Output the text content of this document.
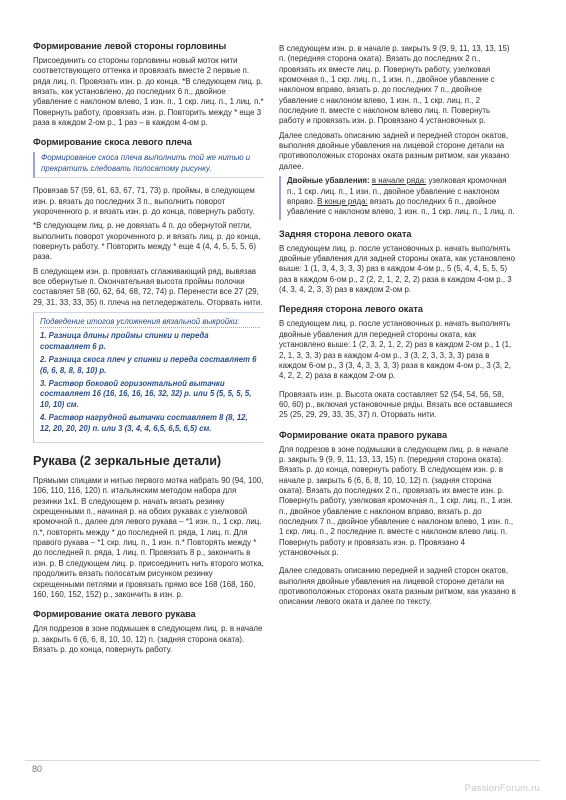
Формирование левой стороны горловины
Присоединить со стороны горловины новый моток нити соответствующего оттенка и провязать вместе 2 первые п. ряда лиц. п. Провязать изн. р. до конца. *В следующем лиц. р. вязать, как установлено, до последних 6 п., двойное убавление с наклоном влево, 1 изн. п., 1 скр. лиц. п., 1 лиц. п.* Повернуть работу, провязать изн. р. Повторить между * еще 3 раза в каждом 2-ом р., 1 раз – в каждом 4-ом р.
Формирование скоса левого плеча
Формирование скоса плеча выполнить той же нитью и прекратить следовать полосатому рисунку.
Провязав 57 (59, 61, 63, 67, 71, 73) р. проймы, в следующем изн. р. вязать до последних 3 п., выполнить поворот укороченного р. и вязать изн. р. до конца, повернуть работу.
*В следующем лиц. р. не довязать 4 п. до обернутой петли, выполнить поворот укороченного р. и вязать лиц. р. до конца, повернуть работу. * Повторить между * еще 4 (4, 4, 5, 5, 5, 6) раза.
В следующем изн. р. провязать сглаживающий ряд, вывязав все обернутые п. Окончательная высота проймы полочки составляет 58 (60, 62, 64, 68, 72, 74) р. Перенести все 27 (29, 29, 31, 33, 33, 35) п. плеча на петледержатель. Оторвать нити.
Подведение итогов усложнения вязальной выкройки:
1. Разница длины проймы спинки и переда составляет 6 р.
2. Разница скоса плеч у спинки и переда составляет 6 (6, 6, 8, 8, 8, 10) р.
3. Раствор боковой горизонтальной вытачки составляет 16 (16, 16, 16, 16, 32, 32) р. или 5 (5, 5, 5, 5, 10, 10) см.
4. Раствор нагрудной вытачки составляет 8 (8, 12, 12, 20, 20, 20) п. или 3 (3, 4, 4, 6,5, 6,5, 6,5) см.
Рукава (2 зеркальные детали)
Прямыми спицами и нитью первого мотка набрать 90 (94, 100, 106, 110, 116, 120) п. итальянским методом набора для резинки 1х1. В следующем р. начать вязать резинку скрещенными п., начиная р. на обоих рукавах с узелковой кромочной п., далее для левого рукава – *1 изн. п., 1 скр. лиц. п.*, повторять между * до последней п. ряда, 1 лиц. п. Для правого рукава – *1 скр. лиц. п., 1 изн. п.* Повторять между * до последней п. ряда, 1 лиц. п. Провязать 8 р., закончить в изн. р. В следующем лиц. р. присоединить нить второго мотка, продолжить вязать полосатым рисунком резинку скрещенными петлями и провязать прямо все 168 (168, 160, 160, 160, 152, 152) р., закончить в изн. р.
Формирование оката левого рукава
Для подрезов в зоне подмышек в следующем лиц. р. в начале р. закрыть 6 (6, 6, 8, 10, 10, 12) п. (задняя сторона оката). Вязать р. до конца, повернуть работу.
В следующем изн. р. в начале р. закрыть 9 (9, 9, 11, 13, 13, 15) п. (передняя сторона оката). Вязать до последних 2 п., провязать их вместе лиц. р. Повернуть работу, узелковая кромочная п., 1 скр. лиц. п., 1 изн. п., двойное убавление с наклоном вправо, вязать р. до последних 7 п., двойное убавление с наклоном влево, 1 изн. п., 1 скр. лиц. п., 2 последние п. вместе с наклоном влево лиц. п. Повернуть работу и провязать изн. р. Провязано 4 установочных р.
Далее следовать описанию задней и передней сторон окатов, выполняя двойные убавления на лицевой стороне детали на противоположных сторонах оката разным ритмом, как указано далее.
Двойные убавления: в начале ряда: узелковая кромочная п., 1 скр. лиц. п., 1 изн. п., двойное убавление с наклоном вправо. В конце ряда: вязать до последних 6 п., двойное убавление с наклоном влево, 1 изн. п., 1 скр. лиц. п., 1 лиц. п.
Задняя сторона левого оката
В следующем лиц. р. после установочных р. начать выполнять двойные убавления для задней стороны оката, как установлено выше: 1 (1, 3, 4, 3, 3, 3) раз в каждом 4-ом р., 5 (5, 4, 4, 5, 5, 5) раз в каждом 6-ом р., 2 (2, 2, 1, 2, 2, 2) раза в каждом 4-ом р., 3 (4, 3, 4, 2, 3, 3) раз в каждом 2-ом р.
Передняя сторона левого оката
В следующем лиц. р. после установочных р. начать выполнять двойные убавления для передней стороны оката, как установлено выше: 1 (2, 3, 2, 1, 2, 2) раз в каждом 2-ом р., 1 (1, 2, 1, 3, 3, 3) раз в каждом 4-ом р., 3 (3, 2, 3, 3, 3, 3) раза в каждом 6-ом р., 3 (3, 4, 3, 3, 3, 3) раза в каждом 4-ом р., 3 (3, 2, 4, 2, 2, 2) раза в каждом 2-ом р.
Провязать изн. р. Высота оката составляет 52 (54, 54, 56, 58, 60, 60) р., включая установочные ряды. Вязать все оставшиеся 25 (25, 29, 29, 33, 35, 37) п. Оторвать нити.
Формирование оката правого рукава
Для подрезов в зоне подмышки в следующем лиц. р. в начале р. закрыть 9 (9, 9, 11, 13, 13, 15) п. (передняя сторона оката). Вязать р. до конца, повернуть работу. В следующем изн. р. в начале р. закрыть 6 (6, 6, 8, 10, 10, 12) п. (задняя сторона оката). Вязать до последних 2 п., провязать их вместе изн. р. Повернуть работу, узелковая кромочная п., 1 скр. лиц. п., 1 изн. п., двойное убавление с наклоном вправо, вязать р. до последних 7 п., двойное убавление с наклоном влево, 1 изн. п., 1 скр. лиц. п., 2 последние п. вместе с наклоном влево лиц. п. Повернуть работу и провязать изн. р. Провязано 4 установочных р.
Далее следовать описанию передней и задней сторон окатов, выполняя двойные убавления на лицевой стороне детали на противоположных сторонах оката разным ритмом, как указано в описании левого оката и далее по тексту.
80
PassionForum.ru
